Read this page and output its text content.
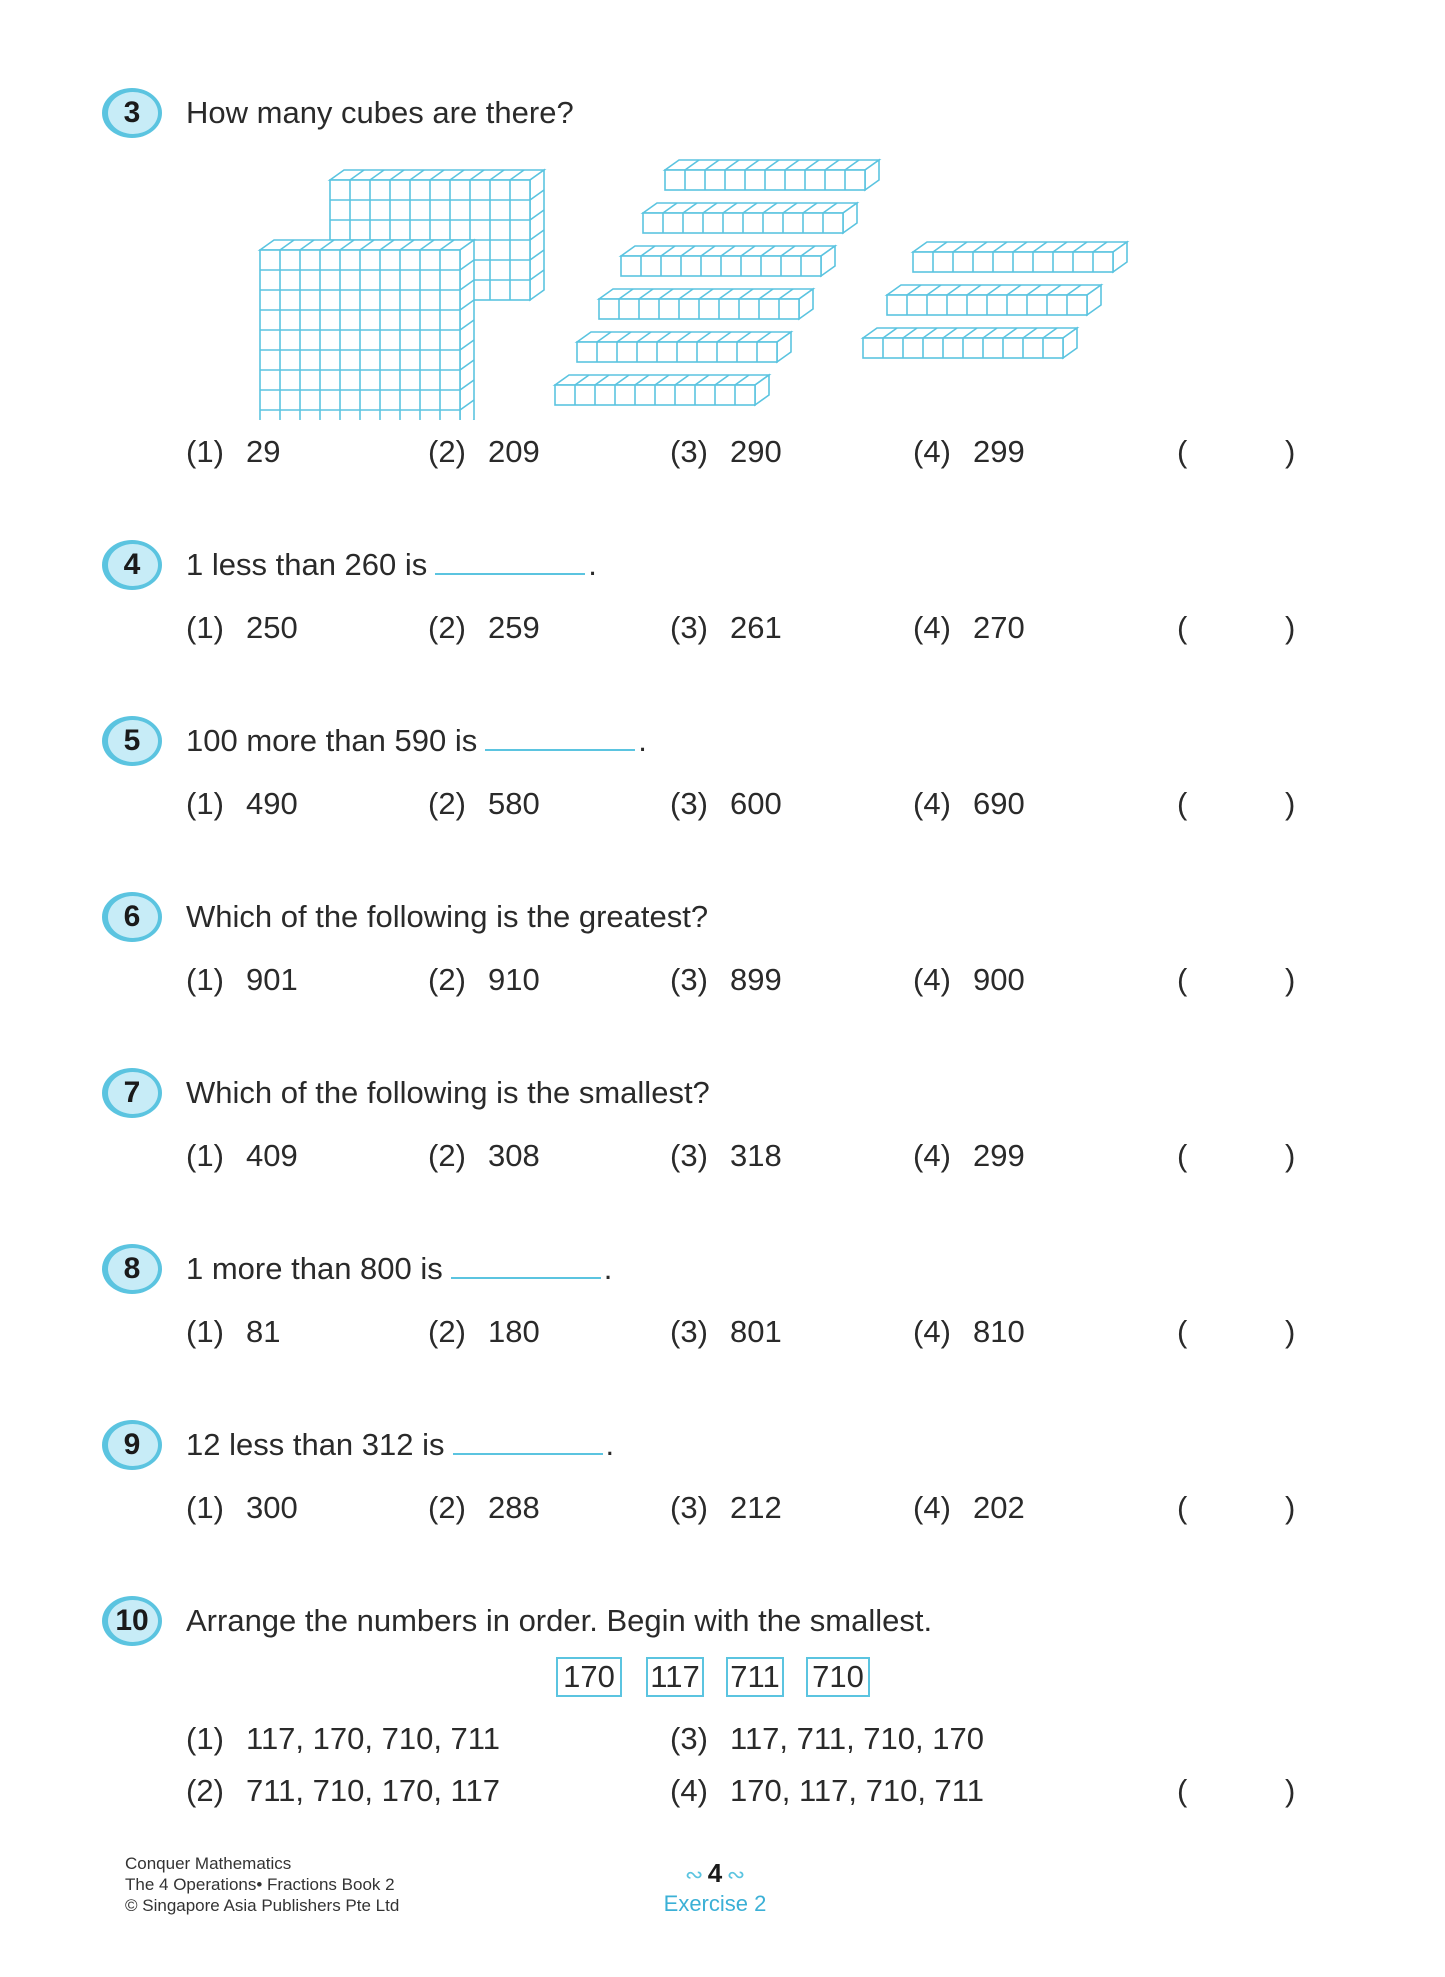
3	How many cubes are there?
(1) 29	(2) 209	(3) 290	(4) 299	(	)
4	1 less than 260 is	.
(1) 250	(2) 259	(3) 261	(4) 270	(	)
5	100 more than 590 is	.
(1) 490	(2) 580	(3) 600	(4) 690	(	)
6	Which of the following is the greatest?
(1) 901	(2) 910	(3) 899	(4) 900	(	)
7	Which of the following is the smallest?
(1) 409	(2) 308	(3) 318	(4) 299	(	)
8	1 more than 800 is	.
(1) 81	(2) 180	(3) 801	(4) 810	(	)
9	12 less than 312 is	.
(1) 300	(2) 288	(3) 212	(4) 202	(	)
10	Arrange the numbers in order. Begin with the smallest.
170 117 711 710
(1) 117, 170, 710, 711	(3) 117, 711, 710, 170
(2) 711, 710, 170, 117	(4) 170, 117, 710, 711	(	)
Conquer Mathematics
The 4 Operations• Fractions Book 2
© Singapore Asia Publishers Pte Ltd
∾ 4 ∾
Exercise 2
